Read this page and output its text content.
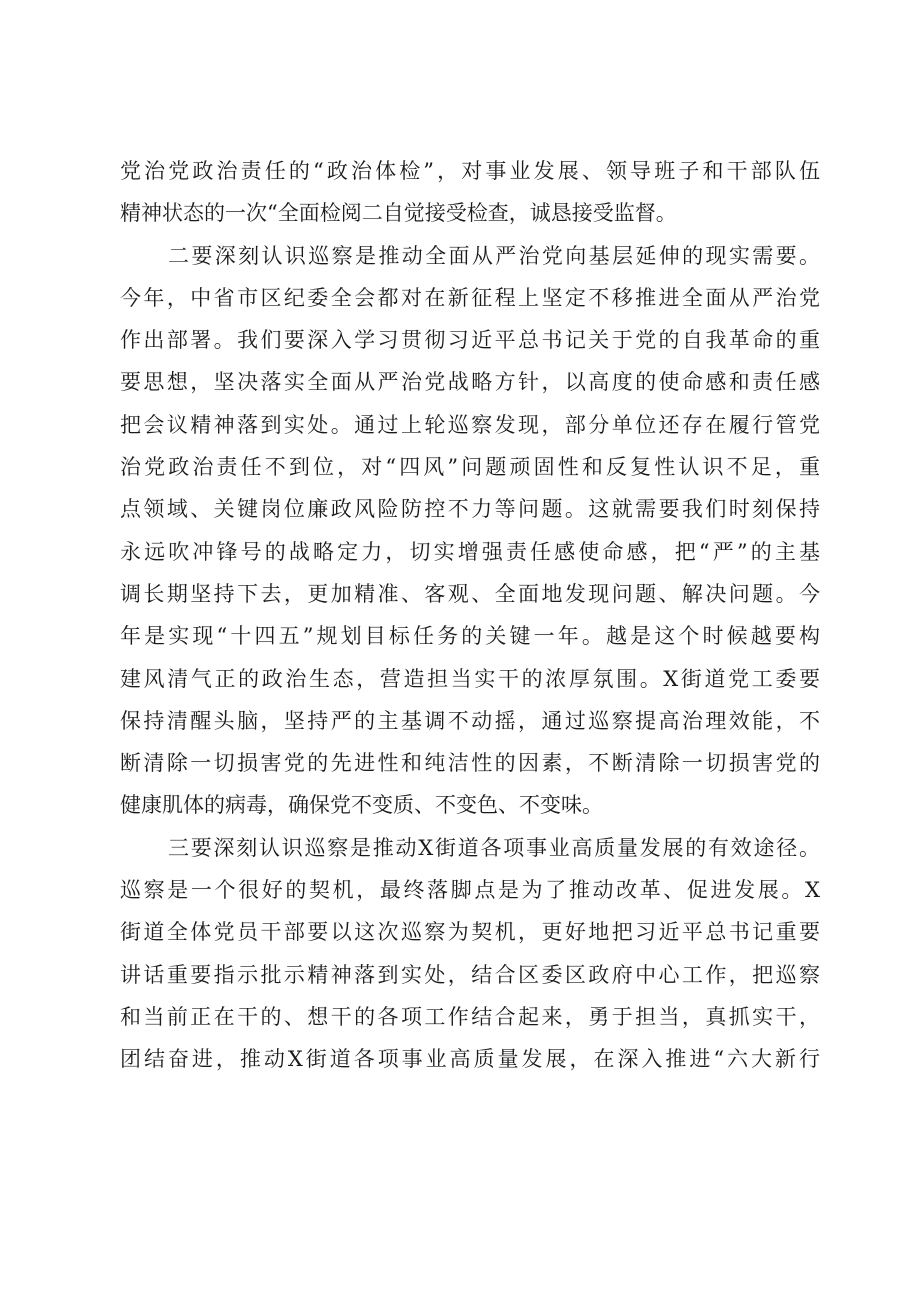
党治党政治责任的“政治体检”，对事业发展、领导班子和干部队伍
精神状态的一次“全面检阅二自觉接受检查，诚恳接受监督。
二要深刻认识巡察是推动全面从严治党向基层延伸的现实需要。
今年，中省市区纪委全会都对在新征程上坚定不移推进全面从严治党
作出部署。我们要深入学习贯彻习近平总书记关于党的自我革命的重
要思想，坚决落实全面从严治党战略方针，以高度的使命感和责任感
把会议精神落到实处。通过上轮巡察发现，部分单位还存在履行管党
治党政治责任不到位，对“四风”问题顽固性和反复性认识不足，重
点领域、关键岗位廉政风险防控不力等问题。这就需要我们时刻保持
永远吹冲锋号的战略定力，切实增强责任感使命感，把“严”的主基
调长期坚持下去，更加精准、客观、全面地发现问题、解决问题。今
年是实现“十四五”规划目标任务的关键一年。越是这个时候越要构
建风清气正的政治生态，营造担当实干的浓厚氛围。X街道党工委要
保持清醒头脑，坚持严的主基调不动摇，通过巡察提高治理效能，不
断清除一切损害党的先进性和纯洁性的因素，不断清除一切损害党的
健康肌体的病毒，确保党不变质、不变色、不变味。
三要深刻认识巡察是推动X街道各项事业高质量发展的有效途径。
巡察是一个很好的契机，最终落脚点是为了推动改革、促进发展。X
街道全体党员干部要以这次巡察为契机，更好地把习近平总书记重要
讲话重要指示批示精神落到实处，结合区委区政府中心工作，把巡察
和当前正在干的、想干的各项工作结合起来，勇于担当，真抓实干，
团结奋进，推动X街道各项事业高质量发展，在深入推进“六大新行
